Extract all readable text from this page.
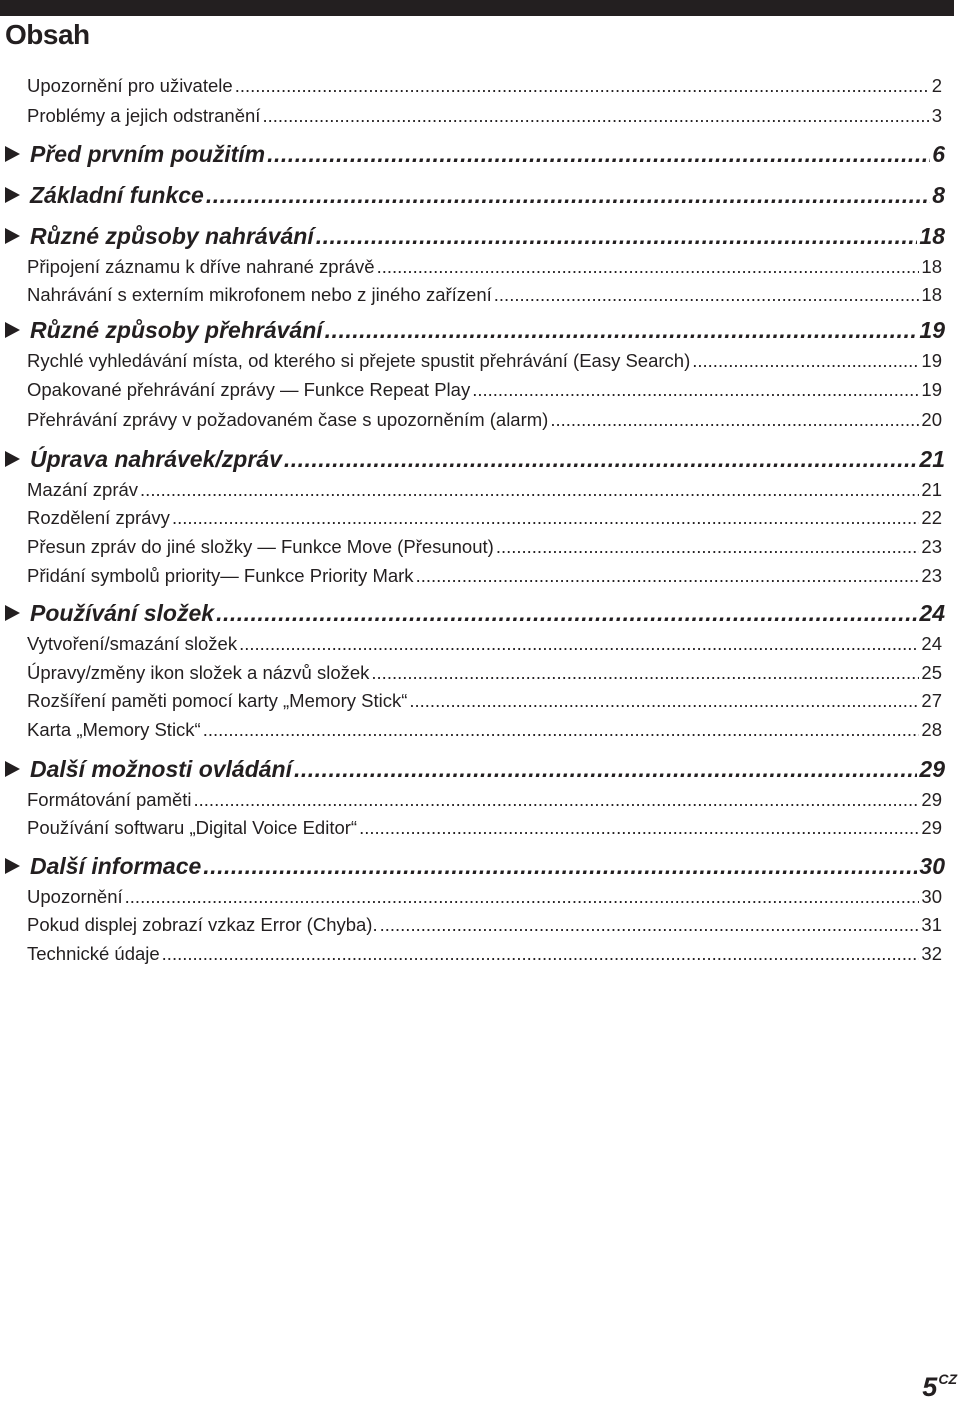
Obsah
Upozornění pro uživatele .....	2
Problémy a jejich odstranění .....	3
Před prvním použitím .....	6
Základní funkce .....	8
Různé způsoby nahrávání .....	18
Připojení záznamu k dříve nahrané zprávě .....	18
Nahrávání s externím mikrofonem nebo z jiného zařízení .....	18
Různé způsoby přehrávání .....	19
Rychlé vyhledávání místa, od kterého si přejete spustit přehrávání (Easy Search) .....	19
Opakované přehrávání zprávy — Funkce Repeat Play .....	19
Přehrávání zprávy v požadovaném čase s upozorněním (alarm) .....	20
Úprava nahrávek/zpráv .....	21
Mazání zpráv .....	21
Rozdělení zprávy .....	22
Přesun zpráv do jiné složky — Funkce Move (Přesunout) .....	23
Přidání symbolů priority— Funkce Priority Mark .....	23
Používání složek .....	24
Vytvoření/smazání složek .....	24
Úpravy/změny ikon složek a názvů složek .....	25
Rozšíření paměti pomocí karty „Memory Stick“ .....	27
Karta „Memory Stick“ .....	28
Další možnosti ovládání .....	29
Formátování paměti .....	29
Používání softwaru „Digital Voice Editor“ .....	29
Další informace .....	30
Upozornění .....	30
Pokud displej zobrazí vzkaz Error (Chyba). .....	31
Technické údaje .....	32
5CZ
